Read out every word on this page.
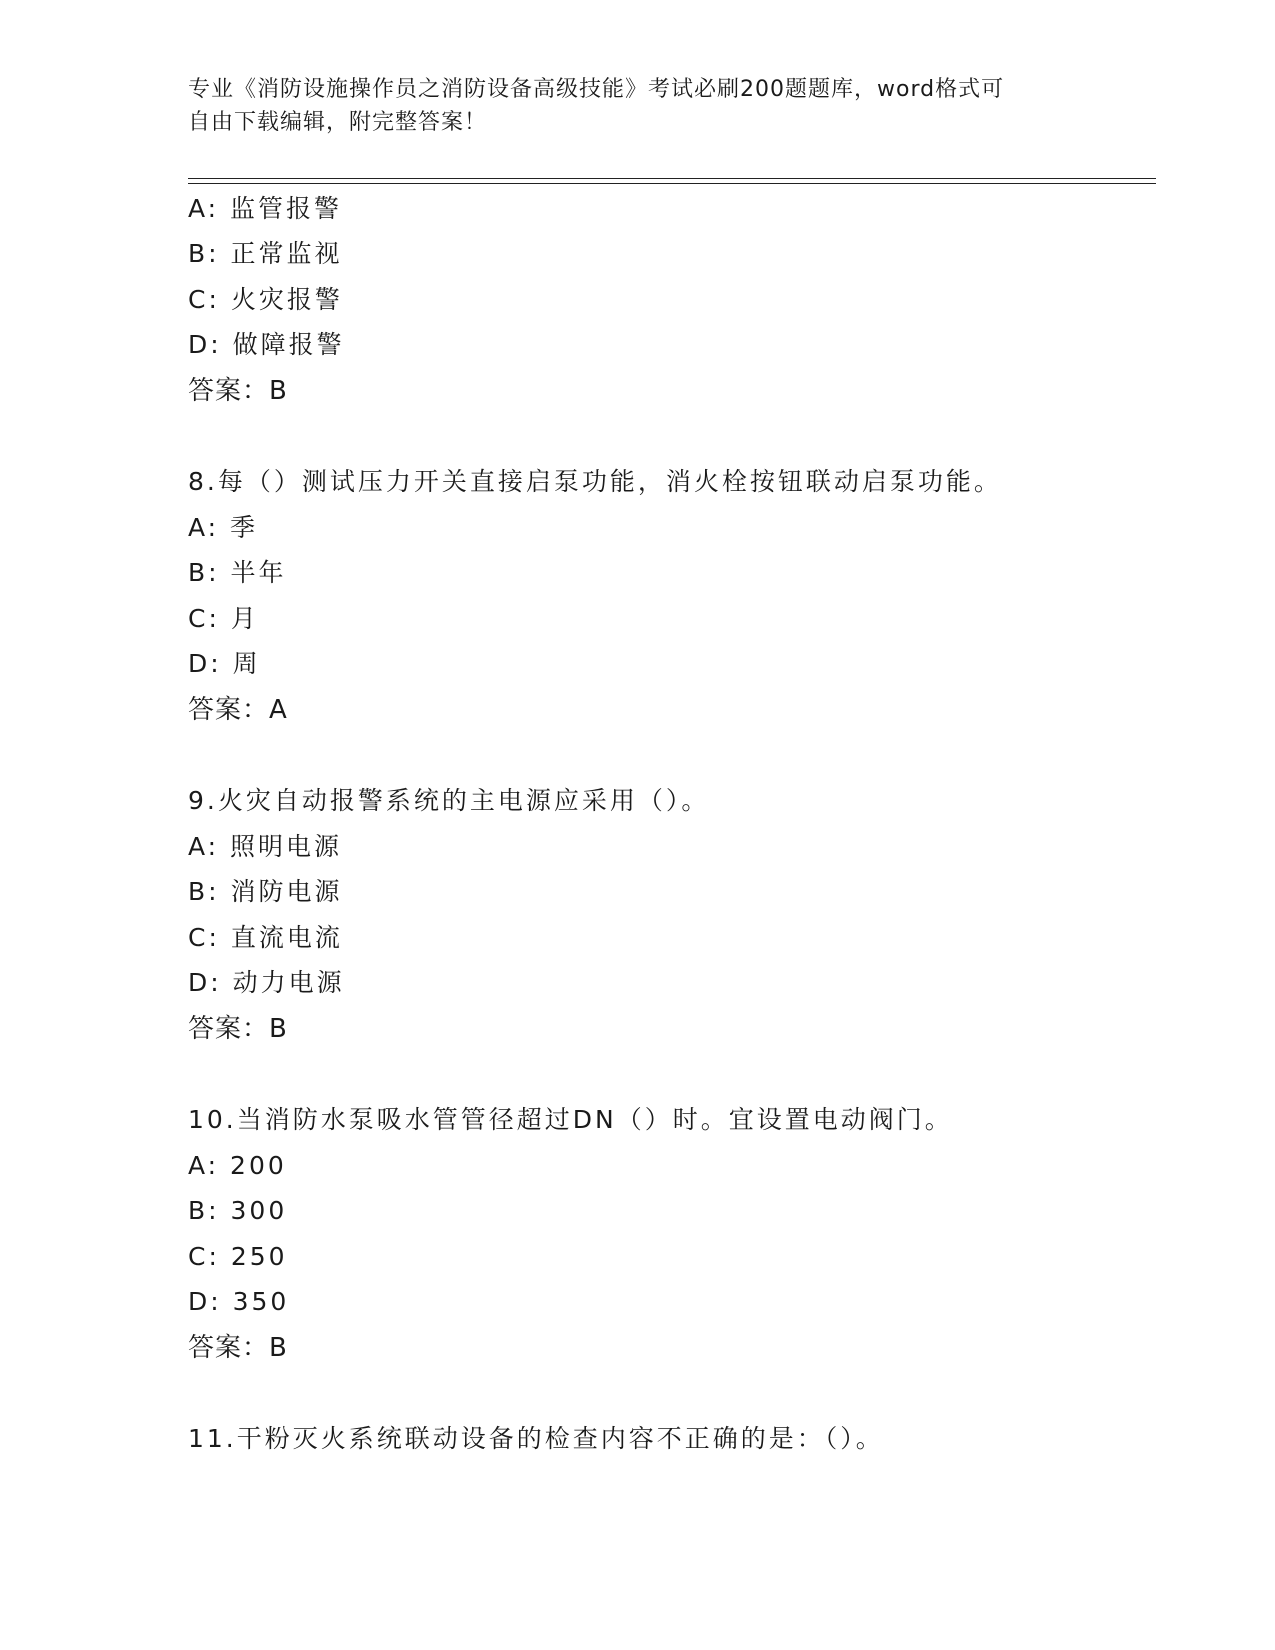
专业《消防设施操作员之消防设备高级技能》考试必刷200题题库，word格式可
自由下载编辑，附完整答案！
A: 监管报警
B: 正常监视
C: 火灾报警
D: 做障报警
答案：B
8.每（）测试压力开关直接启泵功能，消火栓按钮联动启泵功能。
A: 季
B: 半年
C: 月
D: 周
答案：A
9.火灾自动报警系统的主电源应采用（）。
A: 照明电源
B: 消防电源
C: 直流电流
D: 动力电源
答案：B
10.当消防水泵吸水管管径超过DN（）时。宜设置电动阀门。
A: 200
B: 300
C: 250
D: 350
答案：B
11.干粉灭火系统联动设备的检查内容不正确的是：（）。
